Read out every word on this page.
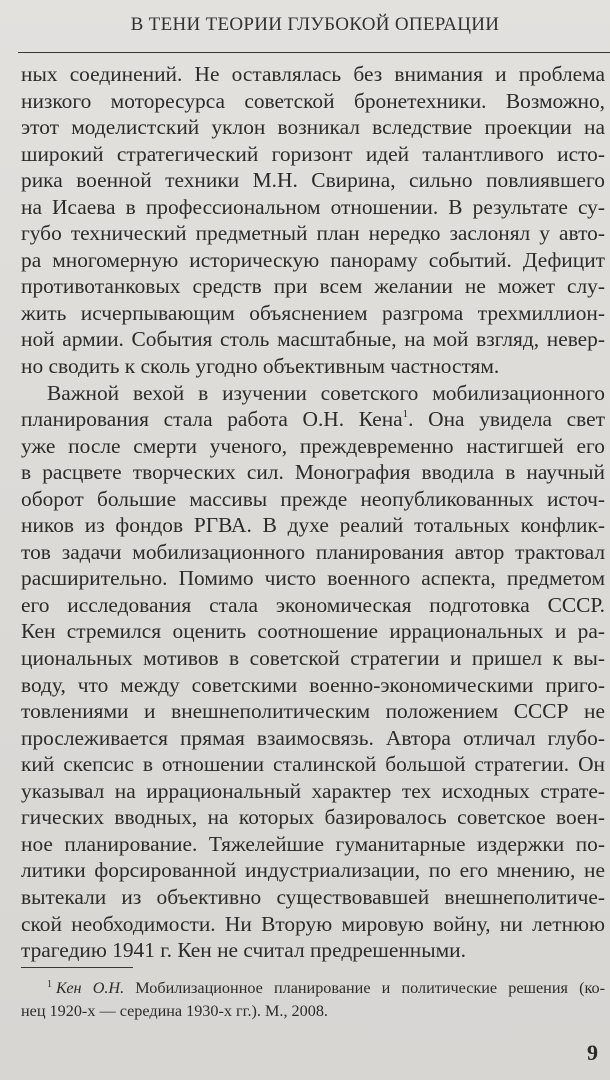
В ТЕНИ ТЕОРИИ ГЛУБОКОЙ ОПЕРАЦИИ
ных соединений. Не оставлялась без внимания и проблема
низкого моторесурса советской бронетехники. Возможно,
этот моделистский уклон возникал вследствие проекции на
широкий стратегический горизонт идей талантливого исто-
рика военной техники М.Н. Свирина, сильно повлиявшего
на Исаева в профессиональном отношении. В результате су-
губо технический предметный план нередко заслонял у авто-
ра многомерную историческую панораму событий. Дефицит
противотанковых средств при всем желании не может слу-
жить исчерпывающим объяснением разгрома трехмиллион-
ной армии. События столь масштабные, на мой взгляд, невер-
но сводить к сколь угодно объективным частностям.
Важной вехой в изучении советского мобилизационного
планирования стала работа О.Н. Кена$^1$. Она увидела свет
уже после смерти ученого, преждевременно настигшей его
в расцвете творческих сил. Монография вводила в научный
оборот большие массивы прежде неопубликованных источ-
ников из фондов РГВА. В духе реалий тотальных конфлик-
тов задачи мобилизационного планирования автор трактовал
расширительно. Помимо чисто военного аспекта, предметом
его исследования стала экономическая подготовка СССР.
Кен стремился оценить соотношение иррациональных и ра-
циональных мотивов в советской стратегии и пришел к вы-
воду, что между советскими военно-экономическими приго-
товлениями и внешнеполитическим положением СССР не
прослеживается прямая взаимосвязь. Автора отличал глубо-
кий скепсис в отношении сталинской большой стратегии. Он
указывал на иррациональный характер тех исходных страте-
гических вводных, на которых базировалось советское воен-
ное планирование. Тяжелейшие гуманитарные издержки по-
литики форсированной индустриализации, по его мнению, не
вытекали из объективно существовавшей внешнеполитиче-
ской необходимости. Ни Вторую мировую войну, ни летнюю
трагедию 1941 г. Кен не считал предрешенными.
$^1$ Кен О.Н. Мобилизационное планирование и политические решения (ко-
нец 1920-х — середина 1930-х гг.). М., 2008.
9
